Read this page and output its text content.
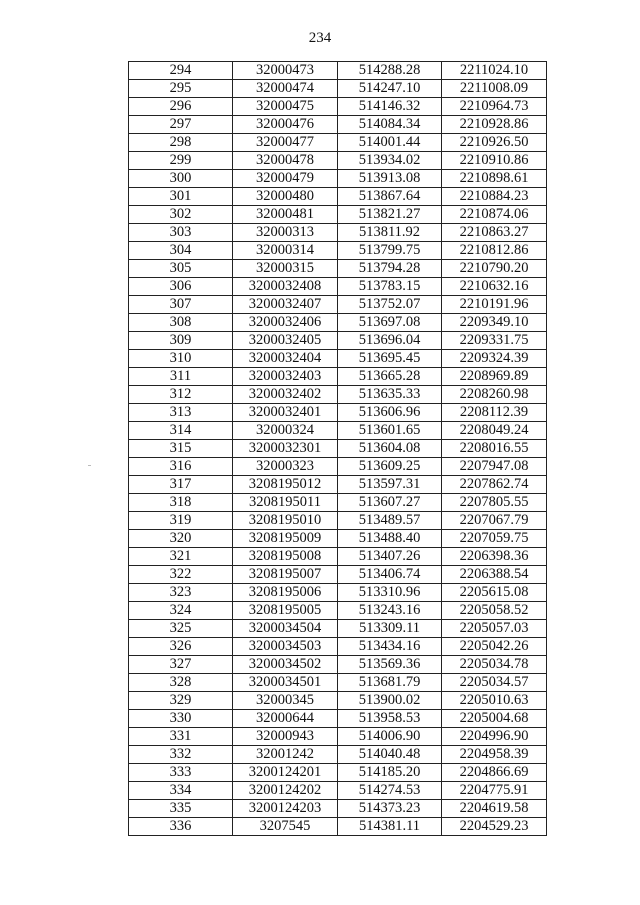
234
294	32000473	514288.28	2211024.10
295	32000474	514247.10	2211008.09
296	32000475	514146.32	2210964.73
297	32000476	514084.34	2210928.86
298	32000477	514001.44	2210926.50
299	32000478	513934.02	2210910.86
300	32000479	513913.08	2210898.61
301	32000480	513867.64	2210884.23
302	32000481	513821.27	2210874.06
303	32000313	513811.92	2210863.27
304	32000314	513799.75	2210812.86
305	32000315	513794.28	2210790.20
306	3200032408	513783.15	2210632.16
307	3200032407	513752.07	2210191.96
308	3200032406	513697.08	2209349.10
309	3200032405	513696.04	2209331.75
310	3200032404	513695.45	2209324.39
311	3200032403	513665.28	2208969.89
312	3200032402	513635.33	2208260.98
313	3200032401	513606.96	2208112.39
314	32000324	513601.65	2208049.24
315	3200032301	513604.08	2208016.55
316	32000323	513609.25	2207947.08
317	3208195012	513597.31	2207862.74
318	3208195011	513607.27	2207805.55
319	3208195010	513489.57	2207067.79
320	3208195009	513488.40	2207059.75
321	3208195008	513407.26	2206398.36
322	3208195007	513406.74	2206388.54
323	3208195006	513310.96	2205615.08
324	3208195005	513243.16	2205058.52
325	3200034504	513309.11	2205057.03
326	3200034503	513434.16	2205042.26
327	3200034502	513569.36	2205034.78
328	3200034501	513681.79	2205034.57
329	32000345	513900.02	2205010.63
330	32000644	513958.53	2205004.68
331	32000943	514006.90	2204996.90
332	32001242	514040.48	2204958.39
333	3200124201	514185.20	2204866.69
334	3200124202	514274.53	2204775.91
335	3200124203	514373.23	2204619.58
336	3207545	514381.11	2204529.23
